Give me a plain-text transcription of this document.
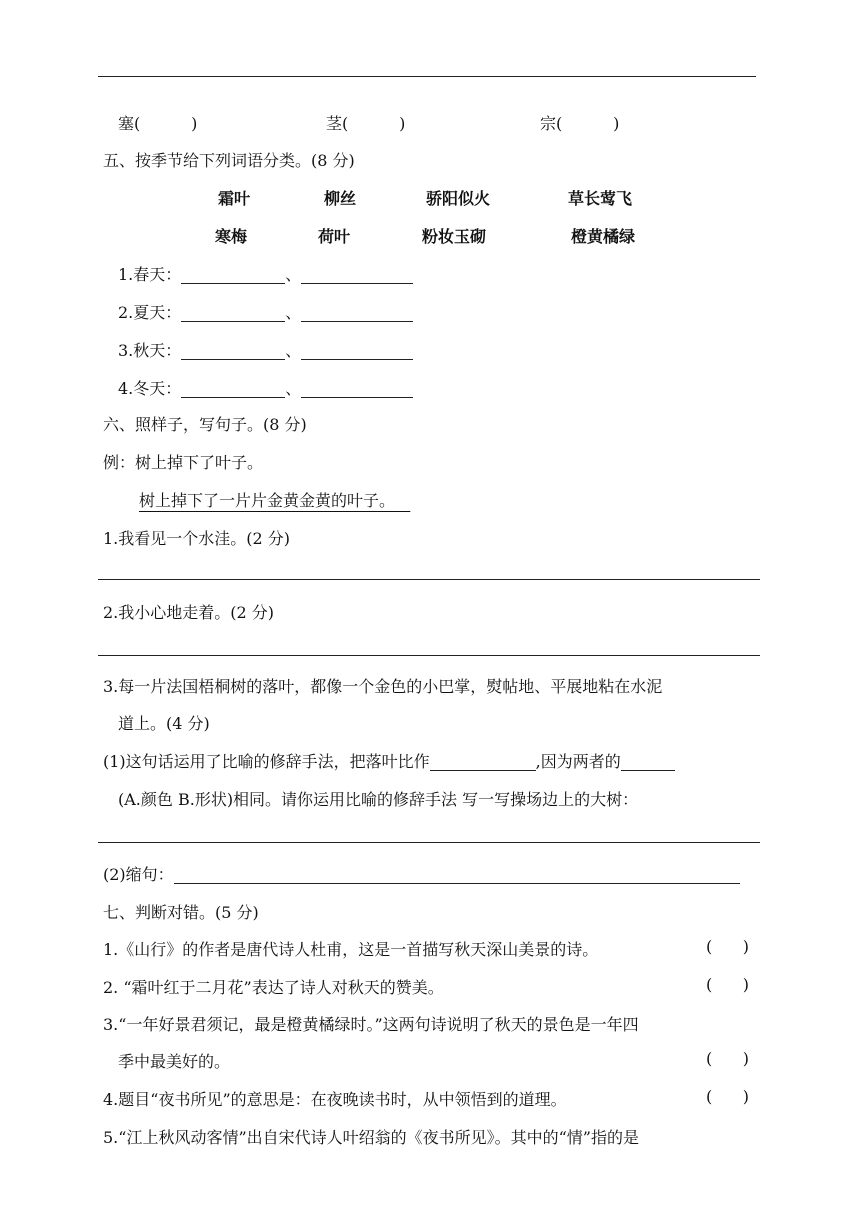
塞(          )	茎(          )	宗(          )
五、按季节给下列词语分类。(8 分)
霜叶	柳丝	骄阳似火	草长莺飞
寒梅	荷叶	粉妆玉砌	橙黄橘绿
1.春天：	、
2.夏天：	、
3.秋天：	、
4.冬天：	、
六、照样子，写句子。(8 分)
例：树上掉下了叶子。
树上掉下了一片片金黄金黄的叶子。
1.我看见一个水洼。(2 分)
2.我小心地走着。(2 分)
3.每一片法国梧桐树的落叶，都像一个金色的小巴掌，熨帖地、平展地粘在水泥
道上。(4 分)
(1)这句话运用了比喻的修辞手法，把落叶比作	,因为两者的
(A.颜色 B.形状)相同。请你运用比喻的修辞手法 写一写操场边上的大树：
(2)缩句：
七、判断对错。(5 分)
1.《山行》的作者是唐代诗人杜甫，这是一首描写秋天深山美景的诗。	(      )
2. “霜叶红于二月花”表达了诗人对秋天的赞美。	(      )
3.“一年好景君须记，最是橙黄橘绿时。”这两句诗说明了秋天的景色是一年四
季中最美好的。	(      )
4.题目“夜书所见”的意思是：在夜晚读书时，从中领悟到的道理。	(      )
5.“江上秋风动客情”出自宋代诗人叶绍翁的《夜书所见》。其中的“情”指的是
